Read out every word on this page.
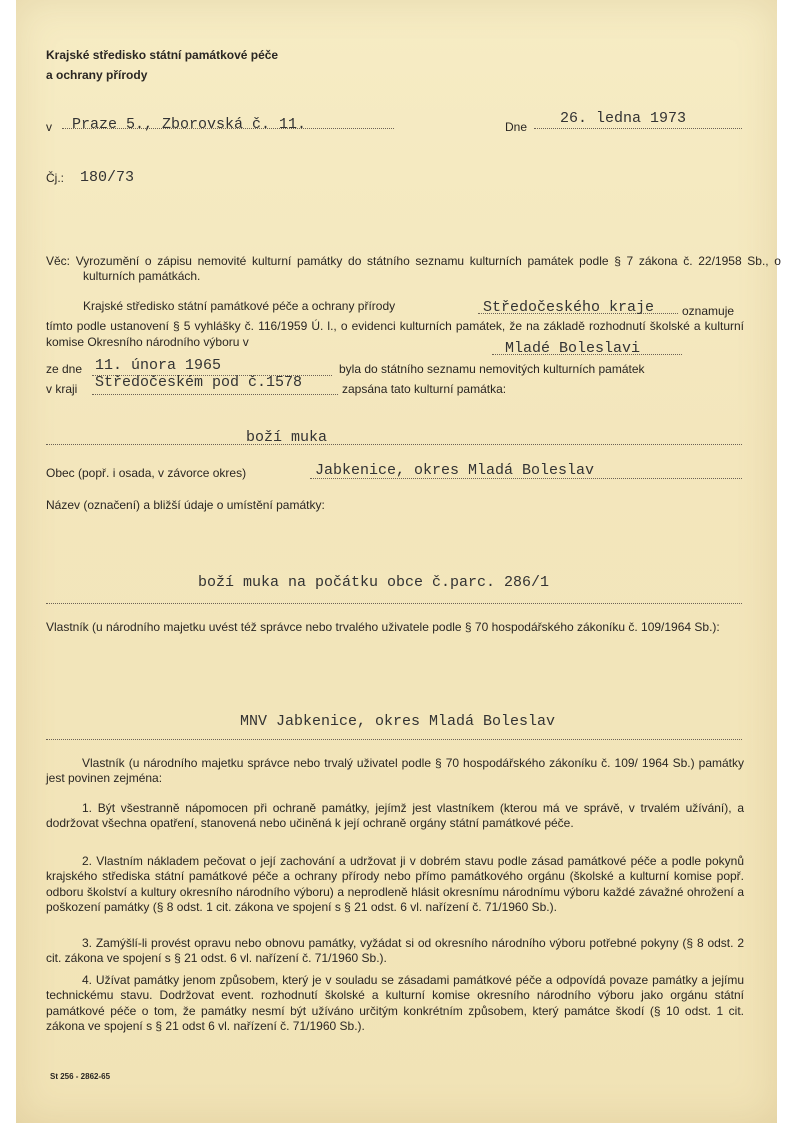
Krajské středisko státní památkové péče
a ochrany přírody
v Praze 5., Zborovská č. 11.	Dne 26. ledna 1973
Čj.: 180/73
Věc: Vyrozumění o zápisu nemovité kulturní památky do státního seznamu kulturních památek podle § 7 zákona č. 22/1958 Sb., o kulturních památkách.
Krajské středisko státní památkové péče a ochrany přírody	Středočeského kraje	oznamuje tímto podle ustanovení § 5 vyhlášky č. 116/1959 Ú. l., o evidenci kulturních památek, že na základě rozhodnutí školské a kulturní komise Okresního národního výboru v	Mladé Boleslavi
ze dne 11. února 1965	byla do státního seznamu nemovitých kulturních památek
v kraji Středočeském pod č.1578	zapsána tato kulturní památka:
boží muka
Obec (popř. i osada, v závorce okres)	Jabkenice, okres Mladá Boleslav
Název (označení) a bližší údaje o umístění památky:
boží muka na počátku obce č.parc. 286/1
Vlastník (u národního majetku uvést též správce nebo trvalého uživatele podle § 70 hospodářského zákoníku č. 109/1964 Sb.):
MNV Jabkenice, okres Mladá Boleslav
Vlastník (u národního majetku správce nebo trvalý uživatel podle § 70 hospodářského zákoníku č. 109/ 1964 Sb.) památky jest povinen zejména:
1. Být všestranně nápomocen při ochraně památky, jejímž jest vlastníkem (kterou má ve správě, v trvalém užívání), a dodržovat všechna opatření, stanovená nebo učiněná k její ochraně orgány státní památkové péče.
2. Vlastním nákladem pečovat o její zachování a udržovat ji v dobrém stavu podle zásad památkové péče a podle pokynů krajského střediska státní památkové péče a ochrany přírody nebo přímo památkového orgánu (školské a kulturní komise popř. odboru školství a kultury okresního národního výboru) a neprodleně hlásit okresnímu národnímu výboru každé závažné ohrožení a poškození památky (§ 8 odst. 1 cit. zákona ve spojení s § 21 odst. 6 vl. nařízení č. 71/1960 Sb.).
3. Zamýšlí-li provést opravu nebo obnovu památky, vyžádat si od okresního národního výboru potřebné pokyny (§ 8 odst. 2 cit. zákona ve spojení s § 21 odst. 6 vl. nařízení č. 71/1960 Sb.).
4. Užívat památky jenom způsobem, který je v souladu se zásadami památkové péče a odpovídá povaze památky a jejímu technickému stavu. Dodržovat event. rozhodnutí školské a kulturní komise okresního národního výboru jako orgánu státní památkové péče o tom, že památky nesmí být užíváno určitým konkrétním způsobem, který památce škodí (§ 10 odst. 1 cit. zákona ve spojení s § 21 odst 6 vl. nařízení č. 71/1960 Sb.).
St 256 - 2862-65
